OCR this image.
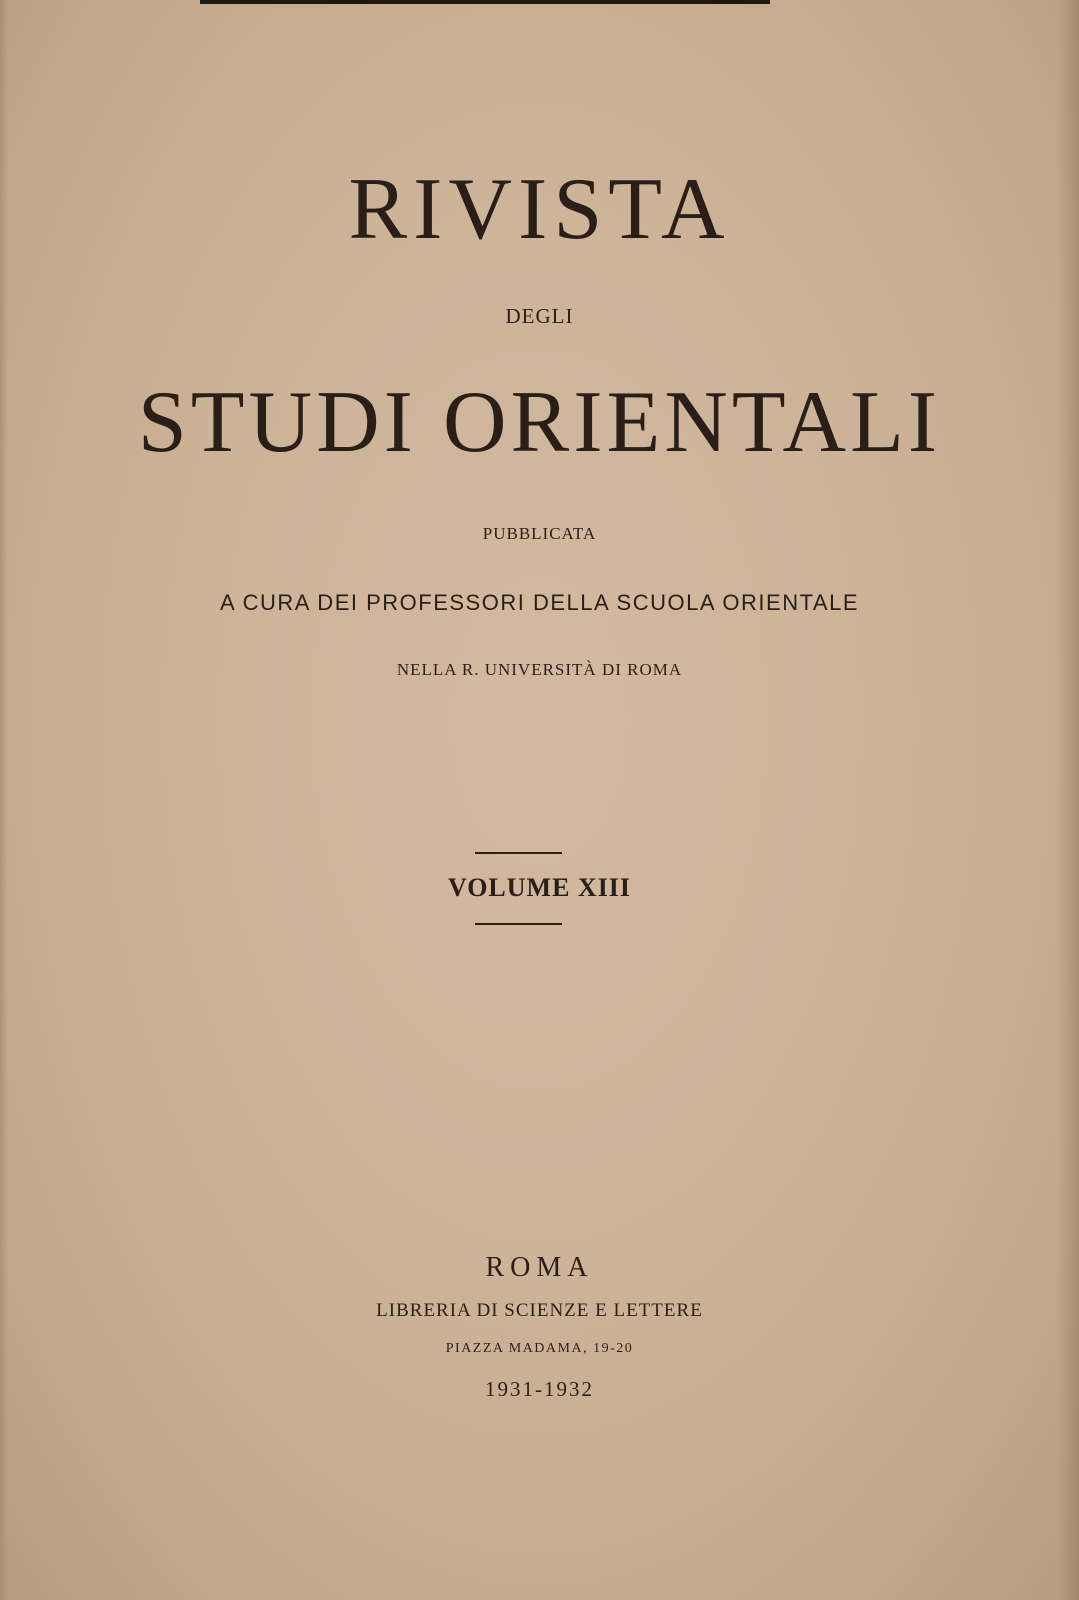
RIVISTA
DEGLI
STUDI ORIENTALI
PUBBLICATA
A CURA DEI PROFESSORI DELLA SCUOLA ORIENTALE
NELLA R. UNIVERSITÀ DI ROMA
VOLUME XIII
ROMA
LIBRERIA DI SCIENZE E LETTERE
PIAZZA MADAMA, 19-20
1931-1932
